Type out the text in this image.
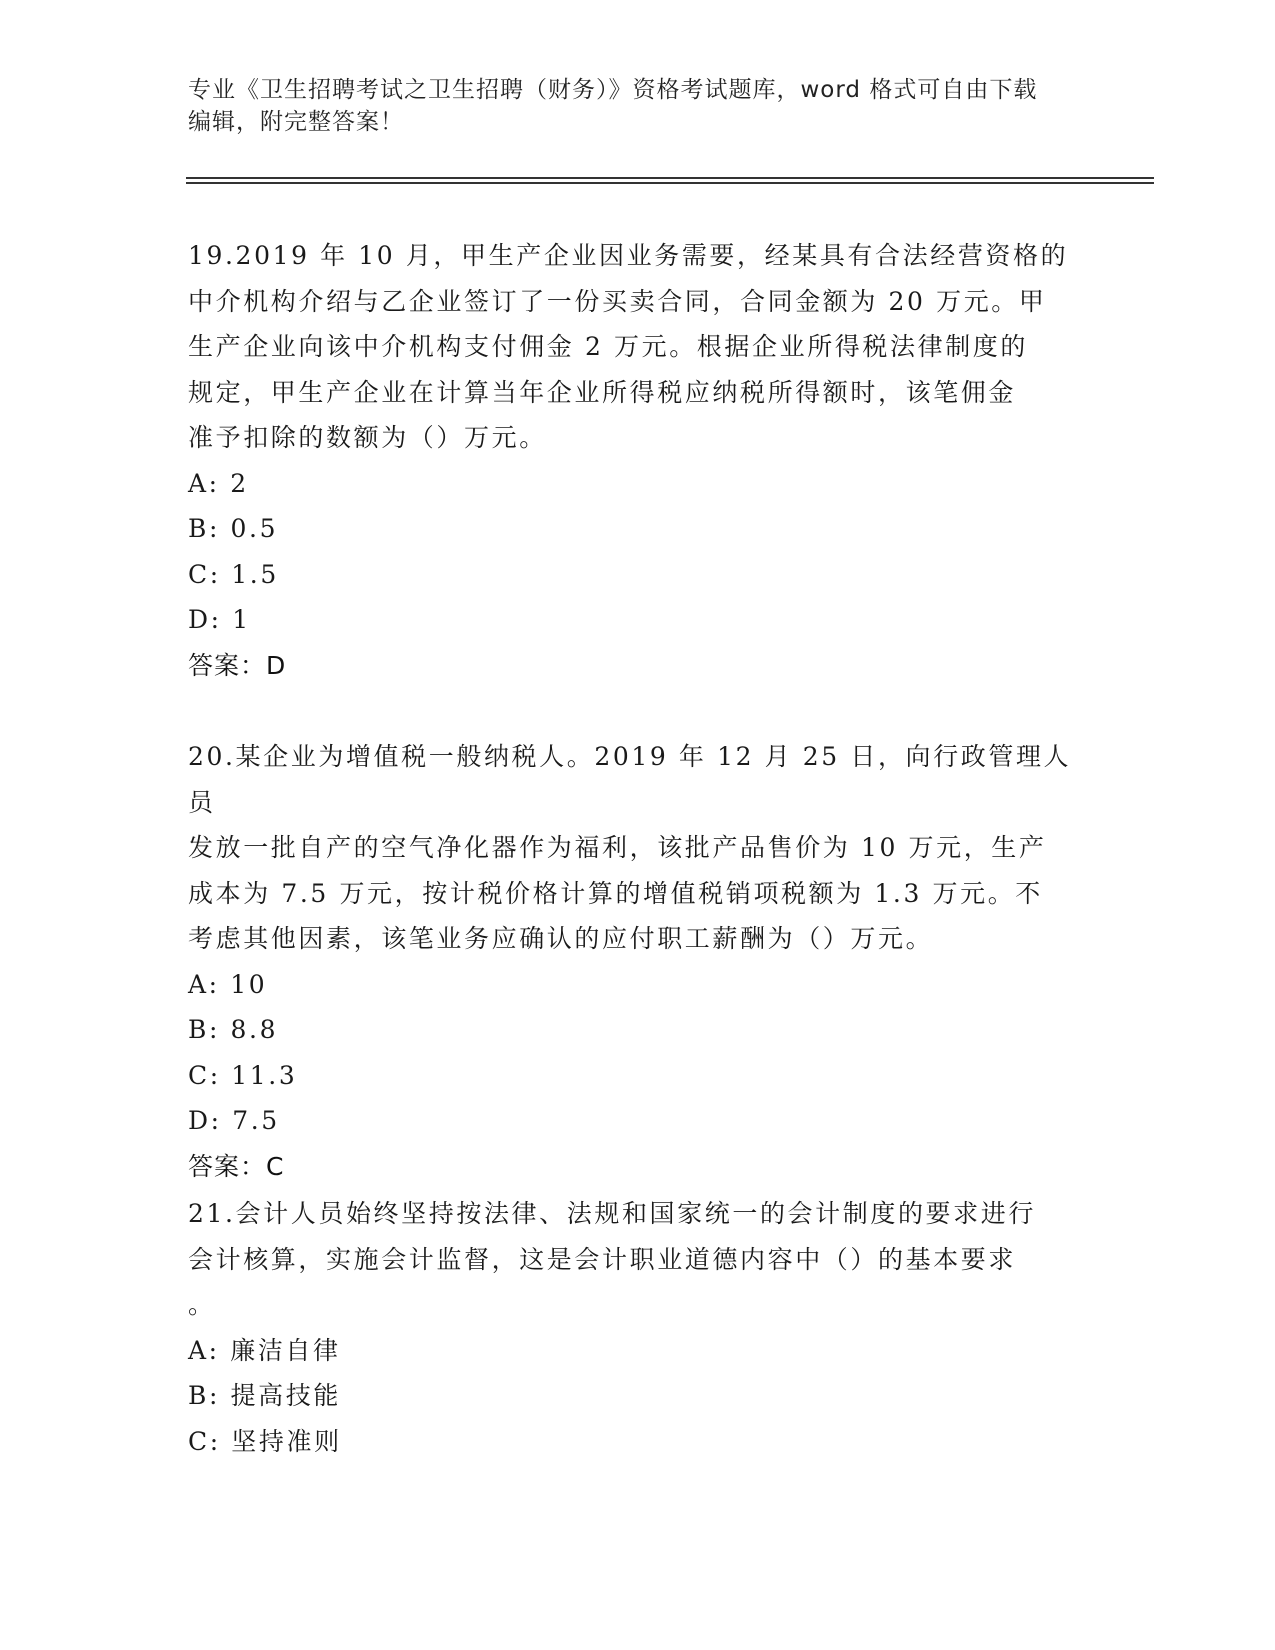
专业《卫生招聘考试之卫生招聘（财务）》资格考试题库，word 格式可自由下载
编辑，附完整答案！

19.2019 年 10 月，甲生产企业因业务需要，经某具有合法经营资格的

中介机构介绍与乙企业签订了一份买卖合同，合同金额为 20 万元。甲

生产企业向该中介机构支付佣金 2 万元。根据企业所得税法律制度的

规定，甲生产企业在计算当年企业所得税应纳税所得额时，该笔佣金

准予扣除的数额为（）万元。

A: 2

B: 0.5

C: 1.5

D: 1

答案：D

20.某企业为增值税一般纳税人。2019 年 12 月 25 日，向行政管理人员

发放一批自产的空气净化器作为福利，该批产品售价为 10 万元，生产

成本为 7.5 万元，按计税价格计算的增值税销项税额为 1.3 万元。不

考虑其他因素，该笔业务应确认的应付职工薪酬为（）万元。

A: 10

B: 8.8

C: 11.3

D: 7.5

答案：C

21.会计人员始终坚持按法律、法规和国家统一的会计制度的要求进行

会计核算，实施会计监督，这是会计职业道德内容中（）的基本要求

。

A: 廉洁自律

B: 提高技能

C: 坚持准则
